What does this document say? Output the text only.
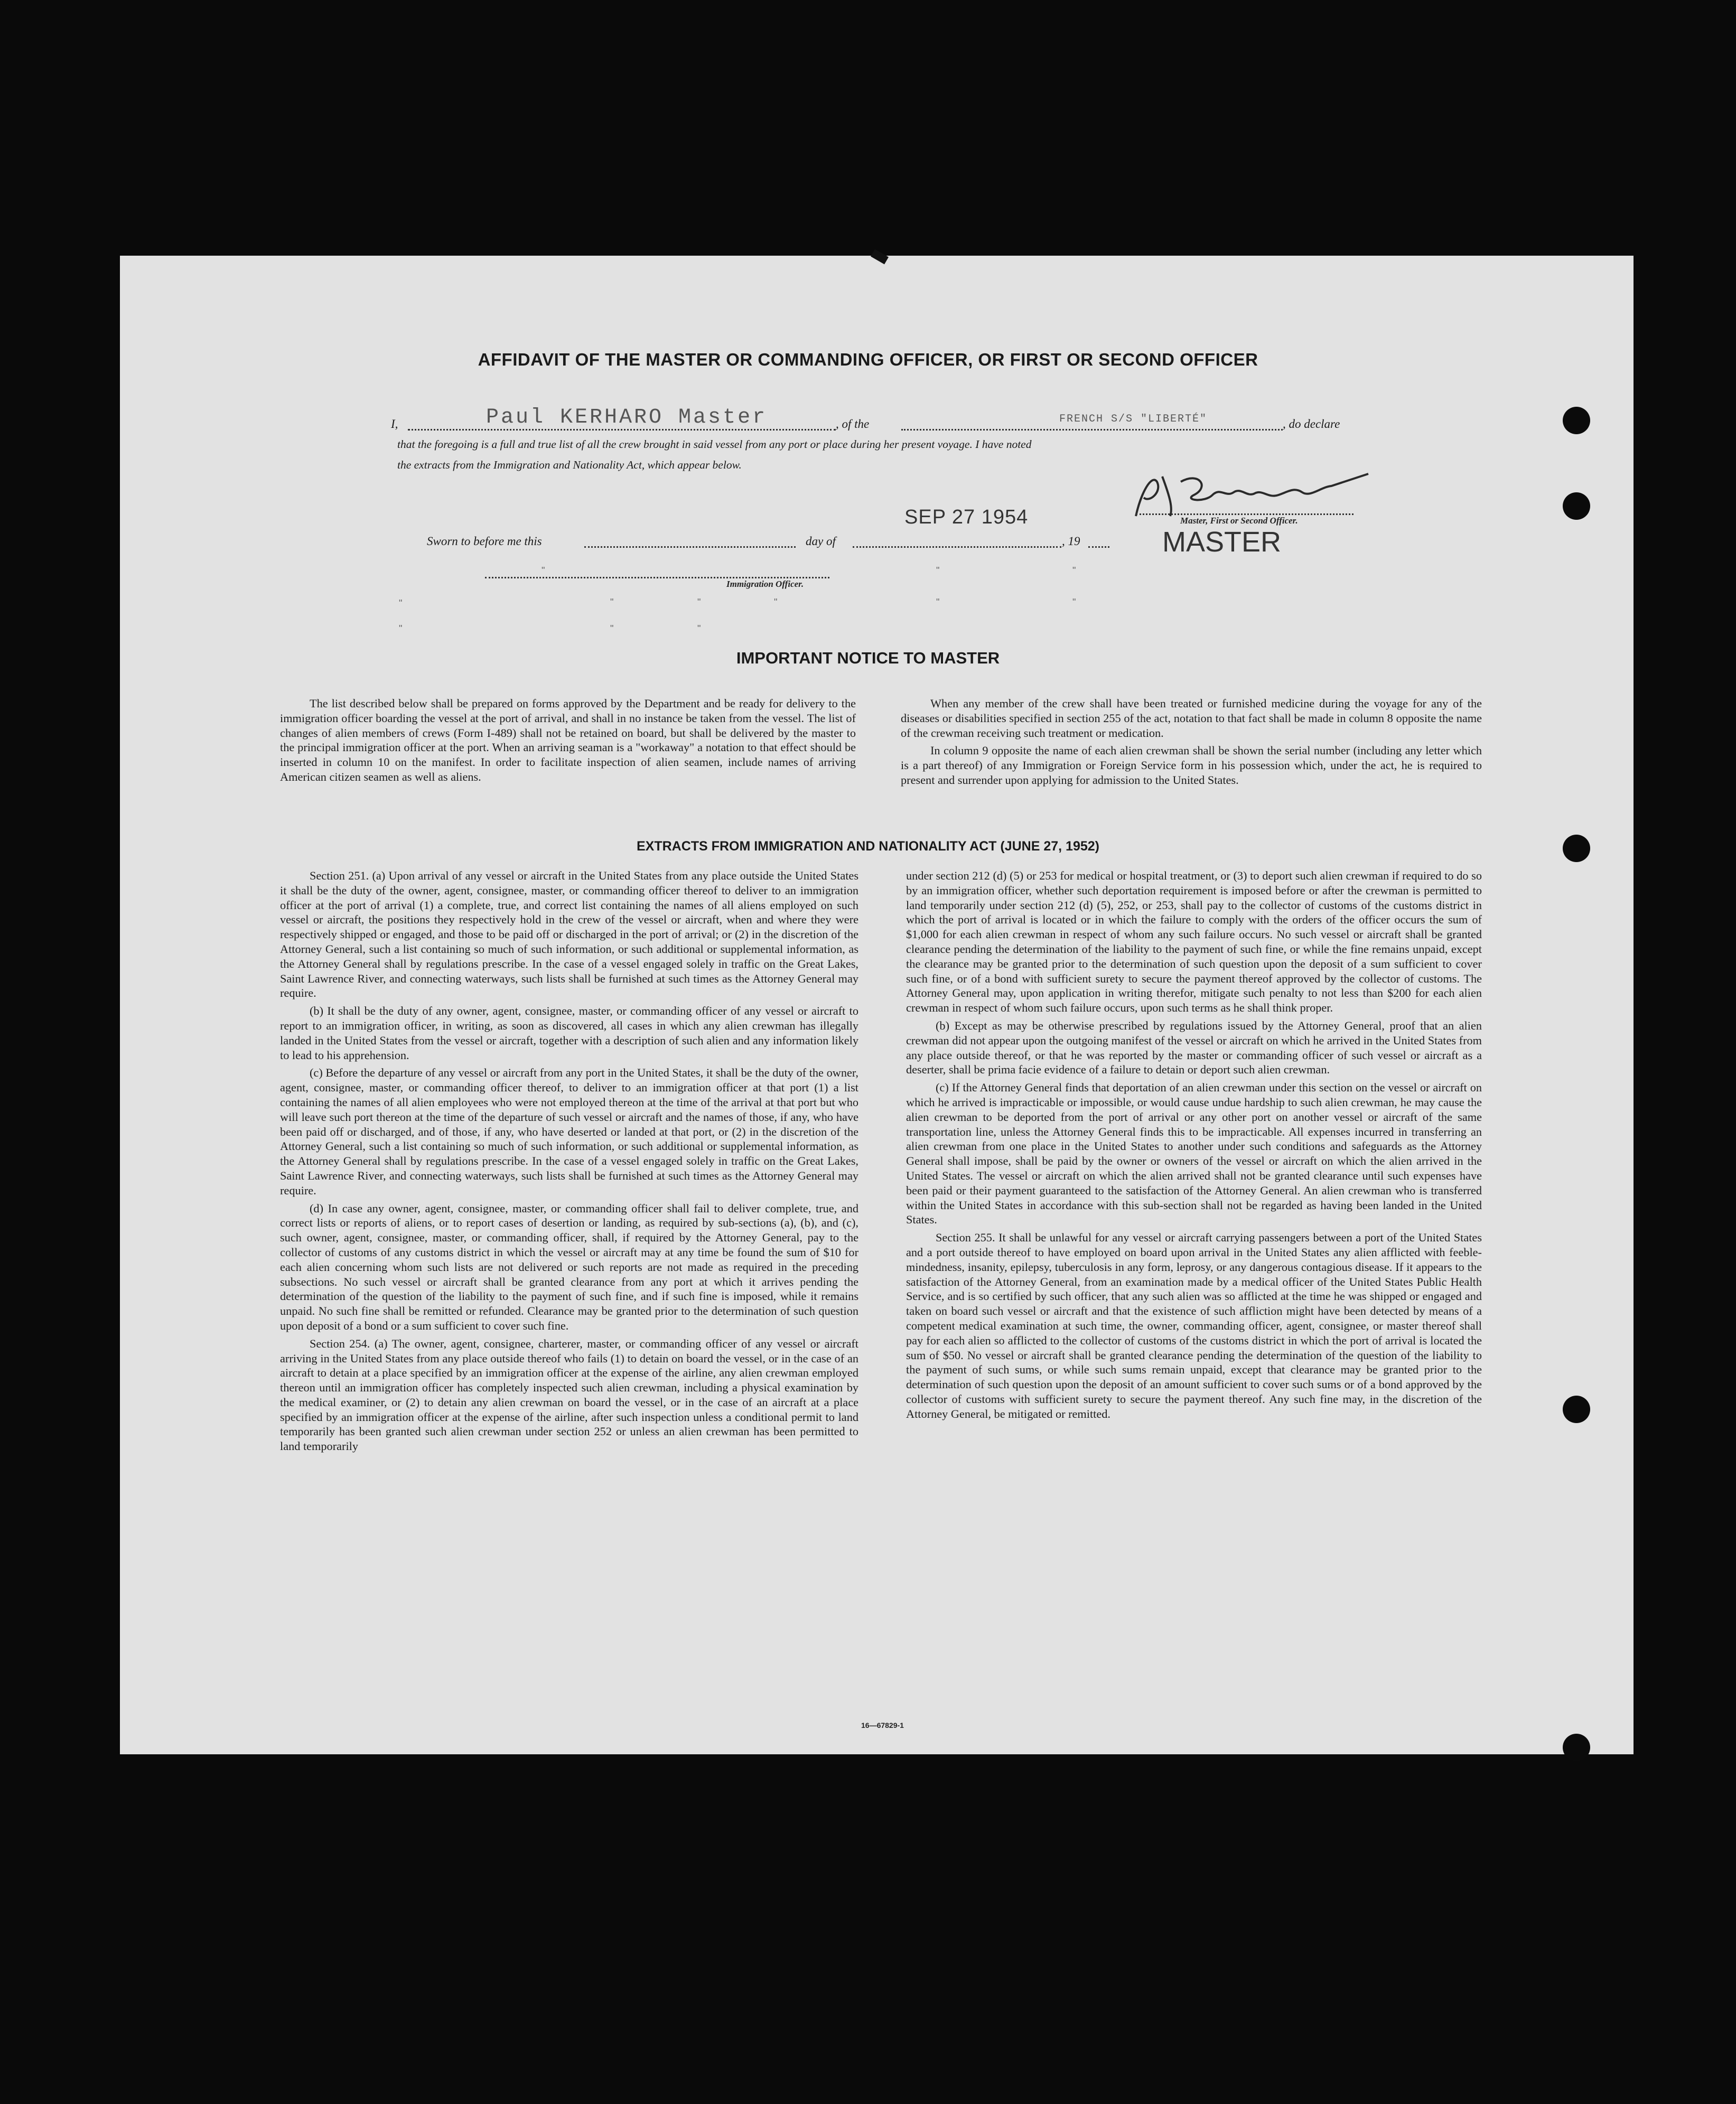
AFFIDAVIT OF THE MASTER OR COMMANDING OFFICER, OR FIRST OR SECOND OFFICER
I,	Paul KERHARO Master	, of the	FRENCH S/S "LIBERTÉ"	, do declare
that the foregoing is a full and true list of all the crew brought in said vessel from any port or place during her present voyage. I have noted
the extracts from the Immigration and Nationality Act, which appear below.
Sworn to before me this	day of
SEP 27 1954
, 19
Master, First or Second Officer.
MASTER
Immigration Officer.
"
"
"	"	"
"	"
"	"	"
"	"
IMPORTANT NOTICE TO MASTER

The list described below shall be prepared on forms approved by the Department and be ready for delivery to the immigration officer boarding the vessel at the port of arrival, and shall in no instance be taken from the vessel. The list of changes of alien members of crews (Form I-489) shall not be retained on board, but shall be delivered by the master to the principal immigration officer at the port. When an arriving seaman is a "workaway" a notation to that effect should be inserted in column 10 on the manifest. In order to facilitate inspection of alien seamen, include names of arriving American citizen seamen as well as aliens.

When any member of the crew shall have been treated or furnished medicine during the voyage for any of the diseases or disabilities specified in section 255 of the act, notation to that fact shall be made in column 8 opposite the name of the crewman receiving such treatment or medication.

In column 9 opposite the name of each alien crewman shall be shown the serial number (including any letter which is a part thereof) of any Immigration or Foreign Service form in his possession which, under the act, he is required to present and surrender upon applying for admission to the United States.

EXTRACTS FROM IMMIGRATION AND NATIONALITY ACT (JUNE 27, 1952)

Section 251. (a) Upon arrival of any vessel or aircraft in the United States from any place outside the United States it shall be the duty of the owner, agent, consignee, master, or commanding officer thereof to deliver to an immigration officer at the port of arrival (1) a complete, true, and correct list containing the names of all aliens employed on such vessel or aircraft, the positions they respectively hold in the crew of the vessel or aircraft, when and where they were respectively shipped or engaged, and those to be paid off or discharged in the port of arrival; or (2) in the discretion of the Attorney General, such a list containing so much of such information, or such additional or supplemental information, as the Attorney General shall by regulations prescribe. In the case of a vessel engaged solely in traffic on the Great Lakes, Saint Lawrence River, and connecting waterways, such lists shall be furnished at such times as the Attorney General may require.

(b) It shall be the duty of any owner, agent, consignee, master, or commanding officer of any vessel or aircraft to report to an immigration officer, in writing, as soon as discovered, all cases in which any alien crewman has illegally landed in the United States from the vessel or aircraft, together with a description of such alien and any information likely to lead to his apprehension.

(c) Before the departure of any vessel or aircraft from any port in the United States, it shall be the duty of the owner, agent, consignee, master, or commanding officer thereof, to deliver to an immigration officer at that port (1) a list containing the names of all alien employees who were not employed thereon at the time of the arrival at that port but who will leave such port thereon at the time of the departure of such vessel or aircraft and the names of those, if any, who have been paid off or discharged, and of those, if any, who have deserted or landed at that port, or (2) in the discretion of the Attorney General, such a list containing so much of such information, or such additional or supplemental information, as the Attorney General shall by regulations prescribe. In the case of a vessel engaged solely in traffic on the Great Lakes, Saint Lawrence River, and connecting waterways, such lists shall be furnished at such times as the Attorney General may require.

(d) In case any owner, agent, consignee, master, or commanding officer shall fail to deliver complete, true, and correct lists or reports of aliens, or to report cases of desertion or landing, as required by sub-sections (a), (b), and (c), such owner, agent, consignee, master, or commanding officer, shall, if required by the Attorney General, pay to the collector of customs of any customs district in which the vessel or aircraft may at any time be found the sum of $10 for each alien concerning whom such lists are not delivered or such reports are not made as required in the preceding subsections. No such vessel or aircraft shall be granted clearance from any port at which it arrives pending the determination of the question of the liability to the payment of such fine, and if such fine is imposed, while it remains unpaid. No such fine shall be remitted or refunded. Clearance may be granted prior to the determination of such question upon deposit of a bond or a sum sufficient to cover such fine.

Section 254. (a) The owner, agent, consignee, charterer, master, or commanding officer of any vessel or aircraft arriving in the United States from any place outside thereof who fails (1) to detain on board the vessel, or in the case of an aircraft to detain at a place specified by an immigration officer at the expense of the airline, any alien crewman employed thereon until an immigration officer has completely inspected such alien crewman, including a physical examination by the medical examiner, or (2) to detain any alien crewman on board the vessel, or in the case of an aircraft at a place specified by an immigration officer at the expense of the airline, after such inspection unless a conditional permit to land temporarily has been granted such alien crewman under section 252 or unless an alien crewman has been permitted to land temporarily

under section 212 (d) (5) or 253 for medical or hospital treatment, or (3) to deport such alien crewman if required to do so by an immigration officer, whether such deportation requirement is imposed before or after the crewman is permitted to land temporarily under section 212 (d) (5), 252, or 253, shall pay to the collector of customs of the customs district in which the port of arrival is located or in which the failure to comply with the orders of the officer occurs the sum of $1,000 for each alien crewman in respect of whom any such failure occurs. No such vessel or aircraft shall be granted clearance pending the determination of the liability to the payment of such fine, or while the fine remains unpaid, except the clearance may be granted prior to the determination of such question upon the deposit of a sum sufficient to cover such fine, or of a bond with sufficient surety to secure the payment thereof approved by the collector of customs. The Attorney General may, upon application in writing therefor, mitigate such penalty to not less than $200 for each alien crewman in respect of whom such failure occurs, upon such terms as he shall think proper.

(b) Except as may be otherwise prescribed by regulations issued by the Attorney General, proof that an alien crewman did not appear upon the outgoing manifest of the vessel or aircraft on which he arrived in the United States from any place outside thereof, or that he was reported by the master or commanding officer of such vessel or aircraft as a deserter, shall be prima facie evidence of a failure to detain or deport such alien crewman.

(c) If the Attorney General finds that deportation of an alien crewman under this section on the vessel or aircraft on which he arrived is impracticable or impossible, or would cause undue hardship to such alien crewman, he may cause the alien crewman to be deported from the port of arrival or any other port on another vessel or aircraft of the same transportation line, unless the Attorney General finds this to be impracticable. All expenses incurred in transferring an alien crewman from one place in the United States to another under such conditions and safeguards as the Attorney General shall impose, shall be paid by the owner or owners of the vessel or aircraft on which the alien arrived in the United States. The vessel or aircraft on which the alien arrived shall not be granted clearance until such expenses have been paid or their payment guaranteed to the satisfaction of the Attorney General. An alien crewman who is transferred within the United States in accordance with this sub-section shall not be regarded as having been landed in the United States.

Section 255. It shall be unlawful for any vessel or aircraft carrying passengers between a port of the United States and a port outside thereof to have employed on board upon arrival in the United States any alien afflicted with feeble-mindedness, insanity, epilepsy, tuberculosis in any form, leprosy, or any dangerous contagious disease. If it appears to the satisfaction of the Attorney General, from an examination made by a medical officer of the United States Public Health Service, and is so certified by such officer, that any such alien was so afflicted at the time he was shipped or engaged and taken on board such vessel or aircraft and that the existence of such affliction might have been detected by means of a competent medical examination at such time, the owner, commanding officer, agent, consignee, or master thereof shall pay for each alien so afflicted to the collector of customs of the customs district in which the port of arrival is located the sum of $50. No vessel or aircraft shall be granted clearance pending the determination of the question of the liability to the payment of such sums, or while such sums remain unpaid, except that clearance may be granted prior to the determination of such question upon the deposit of an amount sufficient to cover such sums or of a bond approved by the collector of customs with sufficient surety to secure the payment thereof. Any such fine may, in the discretion of the Attorney General, be mitigated or remitted.

16—67829-1
